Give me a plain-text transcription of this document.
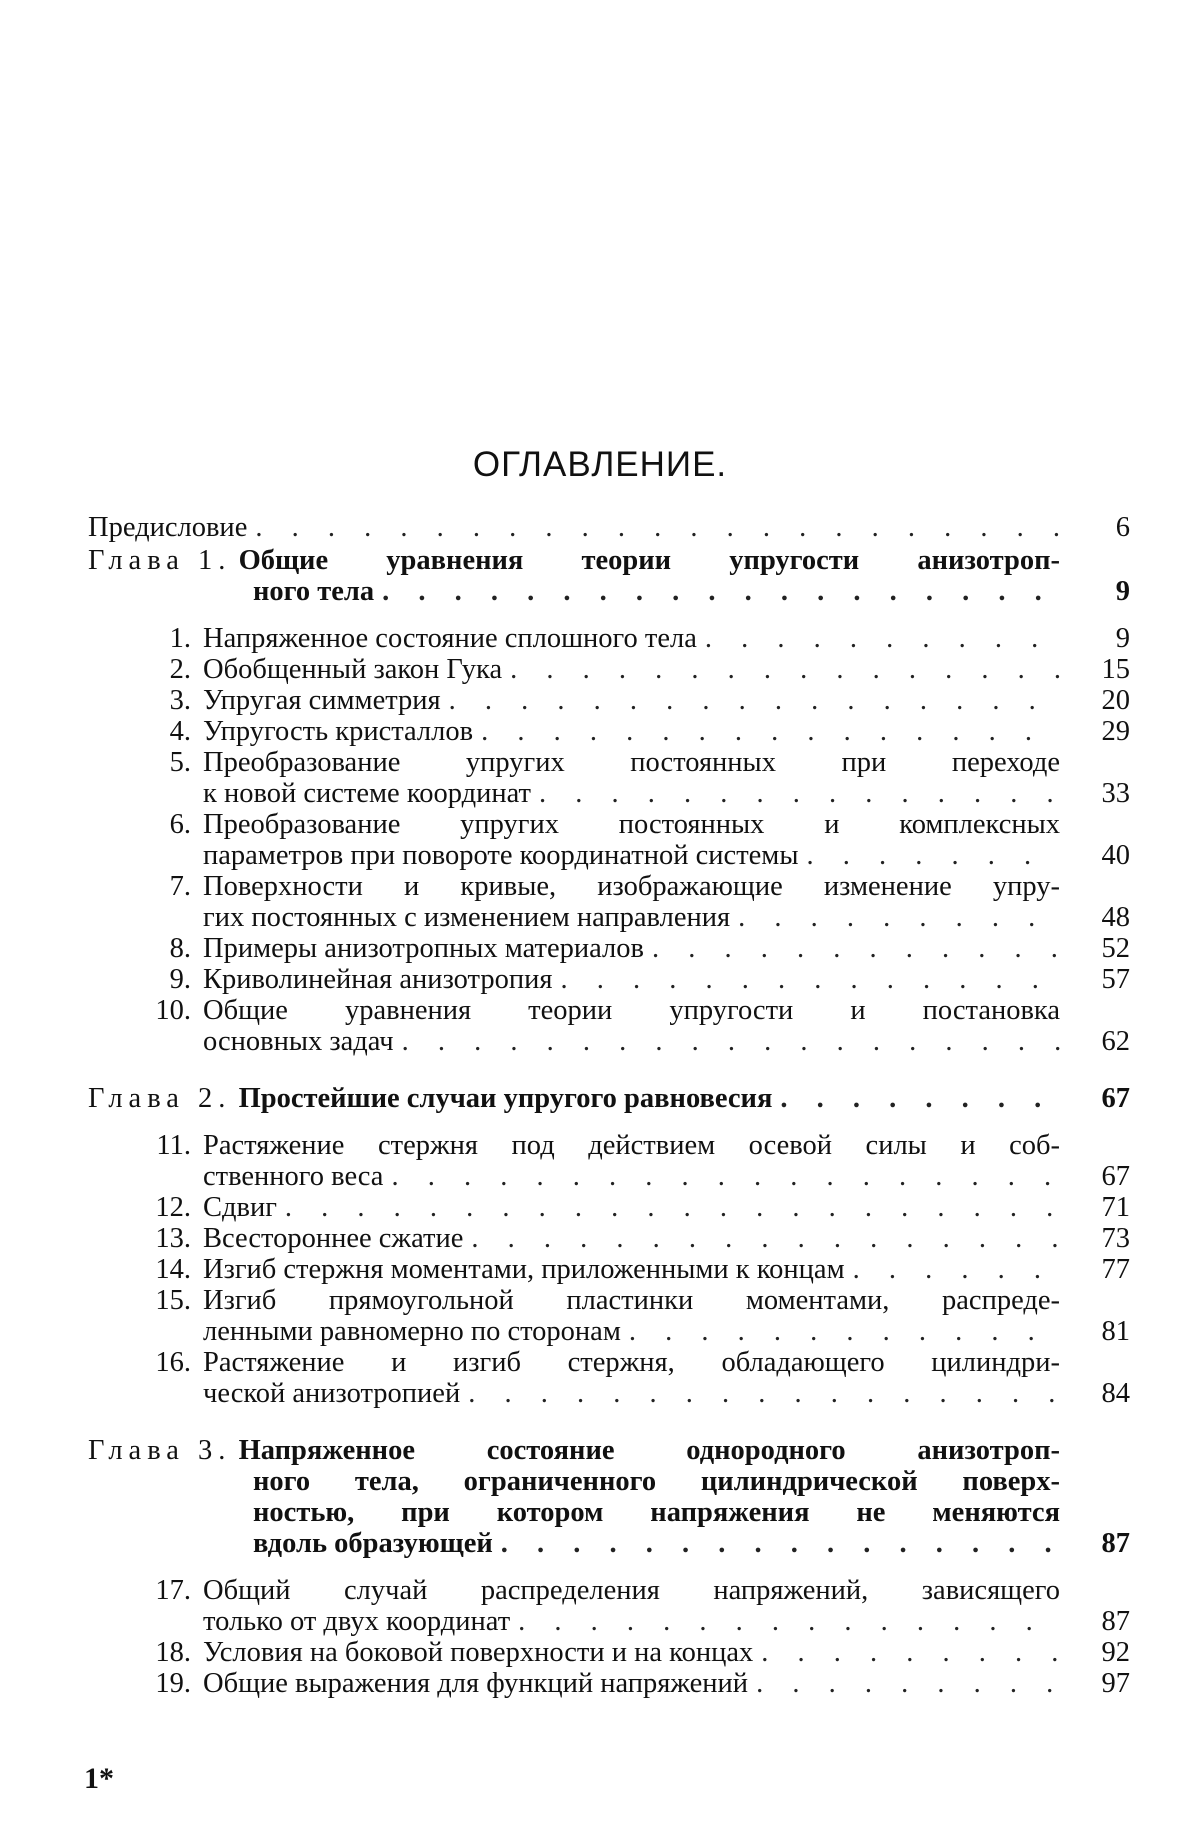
ОГЛАВЛЕНИЕ.
Предисловие . . .	6
Глава 1.
Общие уравнения теории упругости анизотроп-
ного тела . . .	9
1. Напряженное состояние сплошного тела . . .	9
2. Обобщенный закон Гука . . .	15
3. Упругая симметрия . . .	20
4. Упругость кристаллов . . .	29
5. Преобразование упругих постоянных при переходе
к новой системе координат . . .	33
6. Преобразование упругих постоянных и комплексных
параметров при повороте координатной системы . . .	40
7. Поверхности и кривые, изображающие изменение упру-
гих постоянных с изменением направления . . .	48
8. Примеры анизотропных материалов . . .	52
9. Криволинейная анизотропия . . .	57
10. Общие уравнения теории упругости и постановка
основных задач . . .	62
Глава 2.
Простейшие случаи упругого равновесия . . .	67
11. Растяжение стержня под действием осевой силы и соб-
ственного веса . . .	67
12. Сдвиг . . .	71
13. Всестороннее сжатие . . .	73
14. Изгиб стержня моментами, приложенными к концам . . .	77
15. Изгиб прямоугольной пластинки моментами, распреде-
ленными равномерно по сторонам . . .	81
16. Растяжение и изгиб стержня, обладающего цилиндри-
ческой анизотропией . . .	84
Глава 3.
Напряженное состояние однородного анизотроп-
ного тела, ограниченного цилиндрической поверх-
ностью, при котором напряжения не меняются
вдоль образующей . . .	87
17. Общий случай распределения напряжений, зависящего
только от двух координат . . .	87
18. Условия на боковой поверхности и на концах . . .	92
19. Общие выражения для функций напряжений . . .	97
1*
